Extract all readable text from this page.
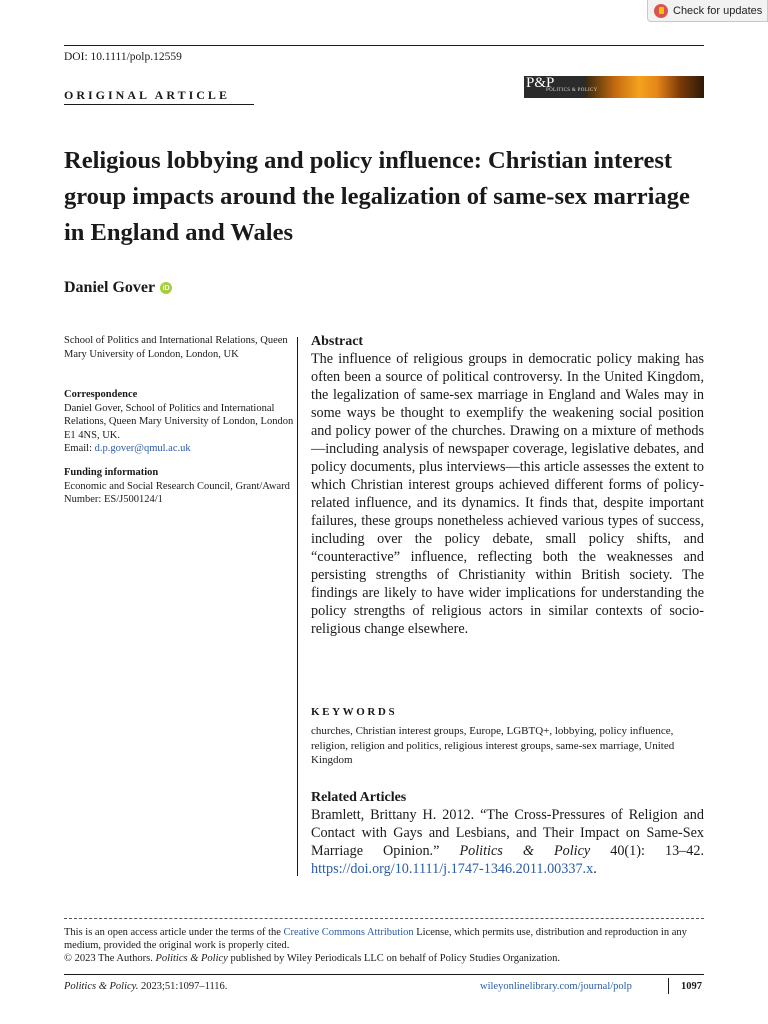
Check for updates
DOI: 10.1111/polp.12559
ORIGINAL ARTICLE
P&P
POLITICS & POLICY
Religious lobbying and policy influence: Christian interest group impacts around the legalization of same-sex marriage in England and Wales
Daniel Gover	iD
School of Politics and International Relations, Queen Mary University of London, London, UK
Correspondence
Daniel Gover, School of Politics and International Relations, Queen Mary University of London, London E1 4NS, UK.
Email: d.p.gover@qmul.ac.uk
Funding information
Economic and Social Research Council, Grant/Award Number: ES/J500124/1
Abstract
The influence of religious groups in democratic policy making has often been a source of political controversy. In the United Kingdom, the legalization of same-sex marriage in England and Wales may in some ways be thought to exemplify the weakening social position and policy power of the churches. Drawing on a mixture of methods—including analysis of newspaper coverage, legislative debates, and policy documents, plus interviews—this article assesses the extent to which Christian interest groups achieved different forms of policy-related influence, and its dynamics. It finds that, despite important failures, these groups nonetheless achieved various types of success, including over the policy debate, small policy shifts, and “counteractive” influence, reflecting both the weaknesses and persisting strengths of Christianity within British society. The findings are likely to have wider implications for understanding the policy strengths of religious actors in similar contexts of socio-religious change elsewhere.
KEYWORDS
churches, Christian interest groups, Europe, LGBTQ+, lobbying, policy influence, religion, religion and politics, religious interest groups, same-sex marriage, United Kingdom
Related Articles
Bramlett, Brittany H. 2012. “The Cross-Pressures of Religion and Contact with Gays and Lesbians, and Their Impact on Same-Sex Marriage Opinion.” Politics & Policy 40(1): 13–42. https://doi.org/10.1111/j.1747-1346.2011.00337.x.
This is an open access article under the terms of the Creative Commons Attribution License, which permits use, distribution and reproduction in any medium, provided the original work is properly cited.
© 2023 The Authors. Politics & Policy published by Wiley Periodicals LLC on behalf of Policy Studies Organization.
Politics & Policy. 2023;51:1097–1116.	wileyonlinelibrary.com/journal/polp	1097
